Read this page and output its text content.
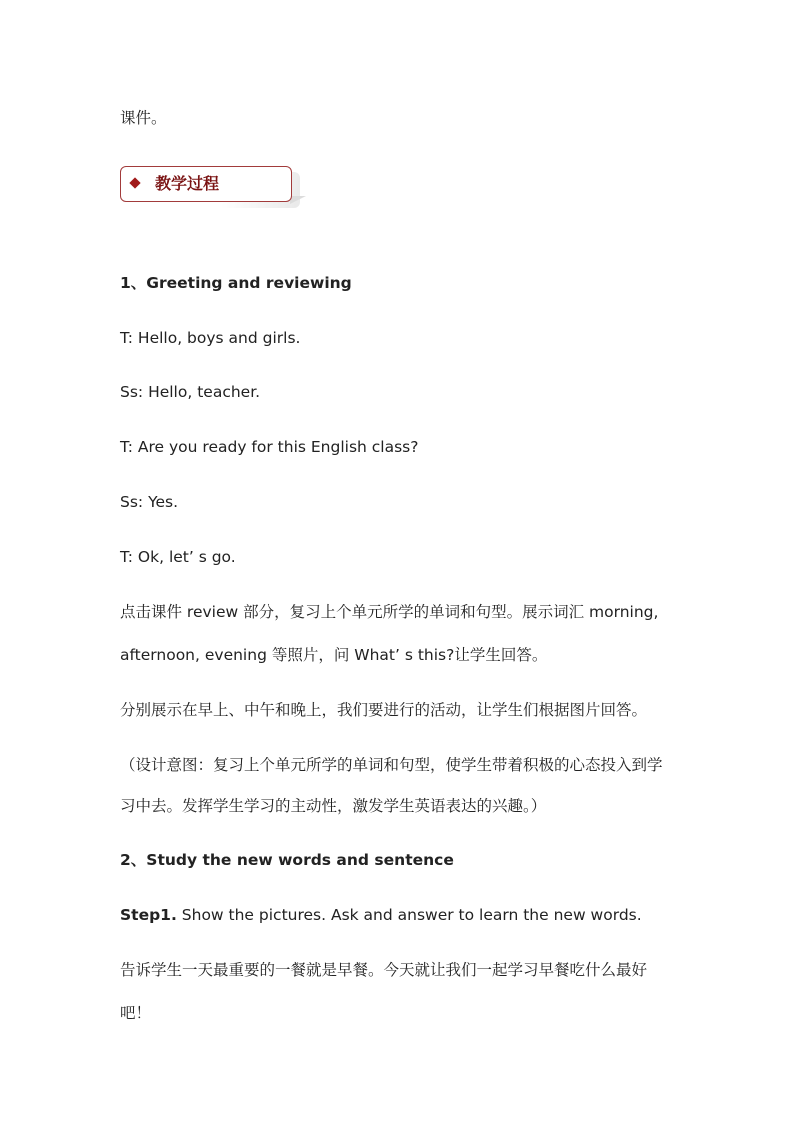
课件。
教学过程
1、Greeting and reviewing
T: Hello, boys and girls.
Ss: Hello, teacher.
T: Are you ready for this English class?
Ss: Yes.
T: Ok, let’ s go.
点击课件 review 部分，复习上个单元所学的单词和句型。展示词汇 morning,
afternoon, evening 等照片，问 What’ s this?让学生回答。
分别展示在早上、中午和晚上，我们要进行的活动，让学生们根据图片回答。
（设计意图：复习上个单元所学的单词和句型，使学生带着积极的心态投入到学
习中去。发挥学生学习的主动性，激发学生英语表达的兴趣。）
2、Study the new words and sentence
Step1. Show the pictures. Ask and answer to learn the new words.
告诉学生一天最重要的一餐就是早餐。今天就让我们一起学习早餐吃什么最好
吧！
